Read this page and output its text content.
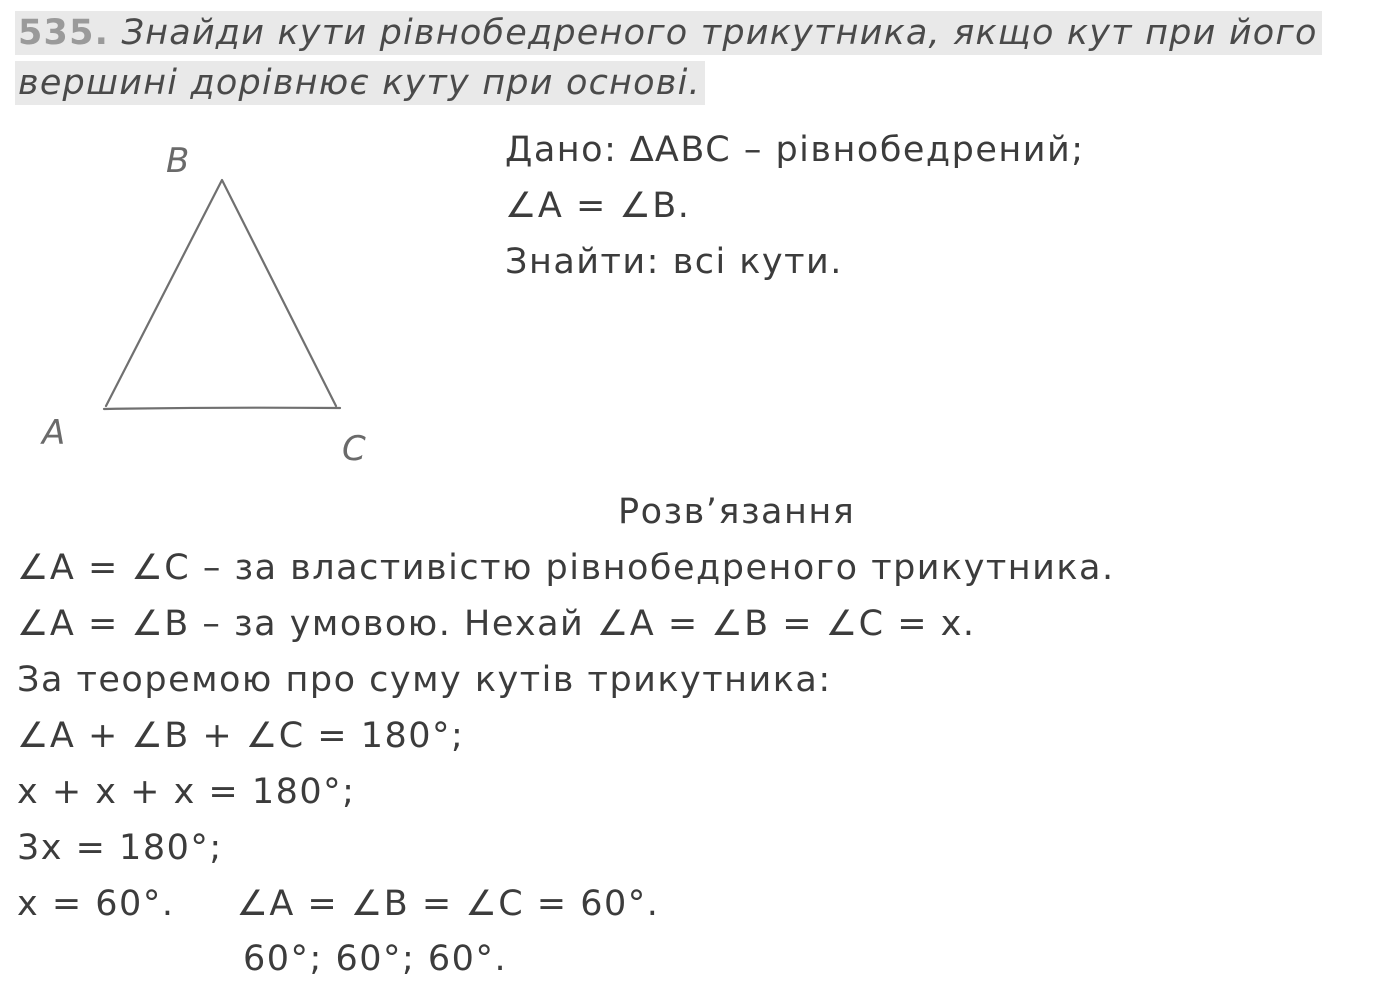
535. Знайди кути рівнобедреного трикутника, якщо кут при його
вершині дорівнює куту при основі.
B
A	C
Дано: ∆ABC – рівнобедрений;
∠A = ∠B.
Знайти: всі кути.
Розв’язання
∠A = ∠C – за властивістю рівнобедреного трикутника.
∠A = ∠B – за умовою. Нехай ∠A = ∠B = ∠C = x.
За теоремою про суму кутів трикутника:
∠A + ∠B + ∠C = 180°;
x + x + x = 180°;
3x = 180°;
x = 60°. ∠A = ∠B = ∠C = 60°.
60°; 60°; 60°.
